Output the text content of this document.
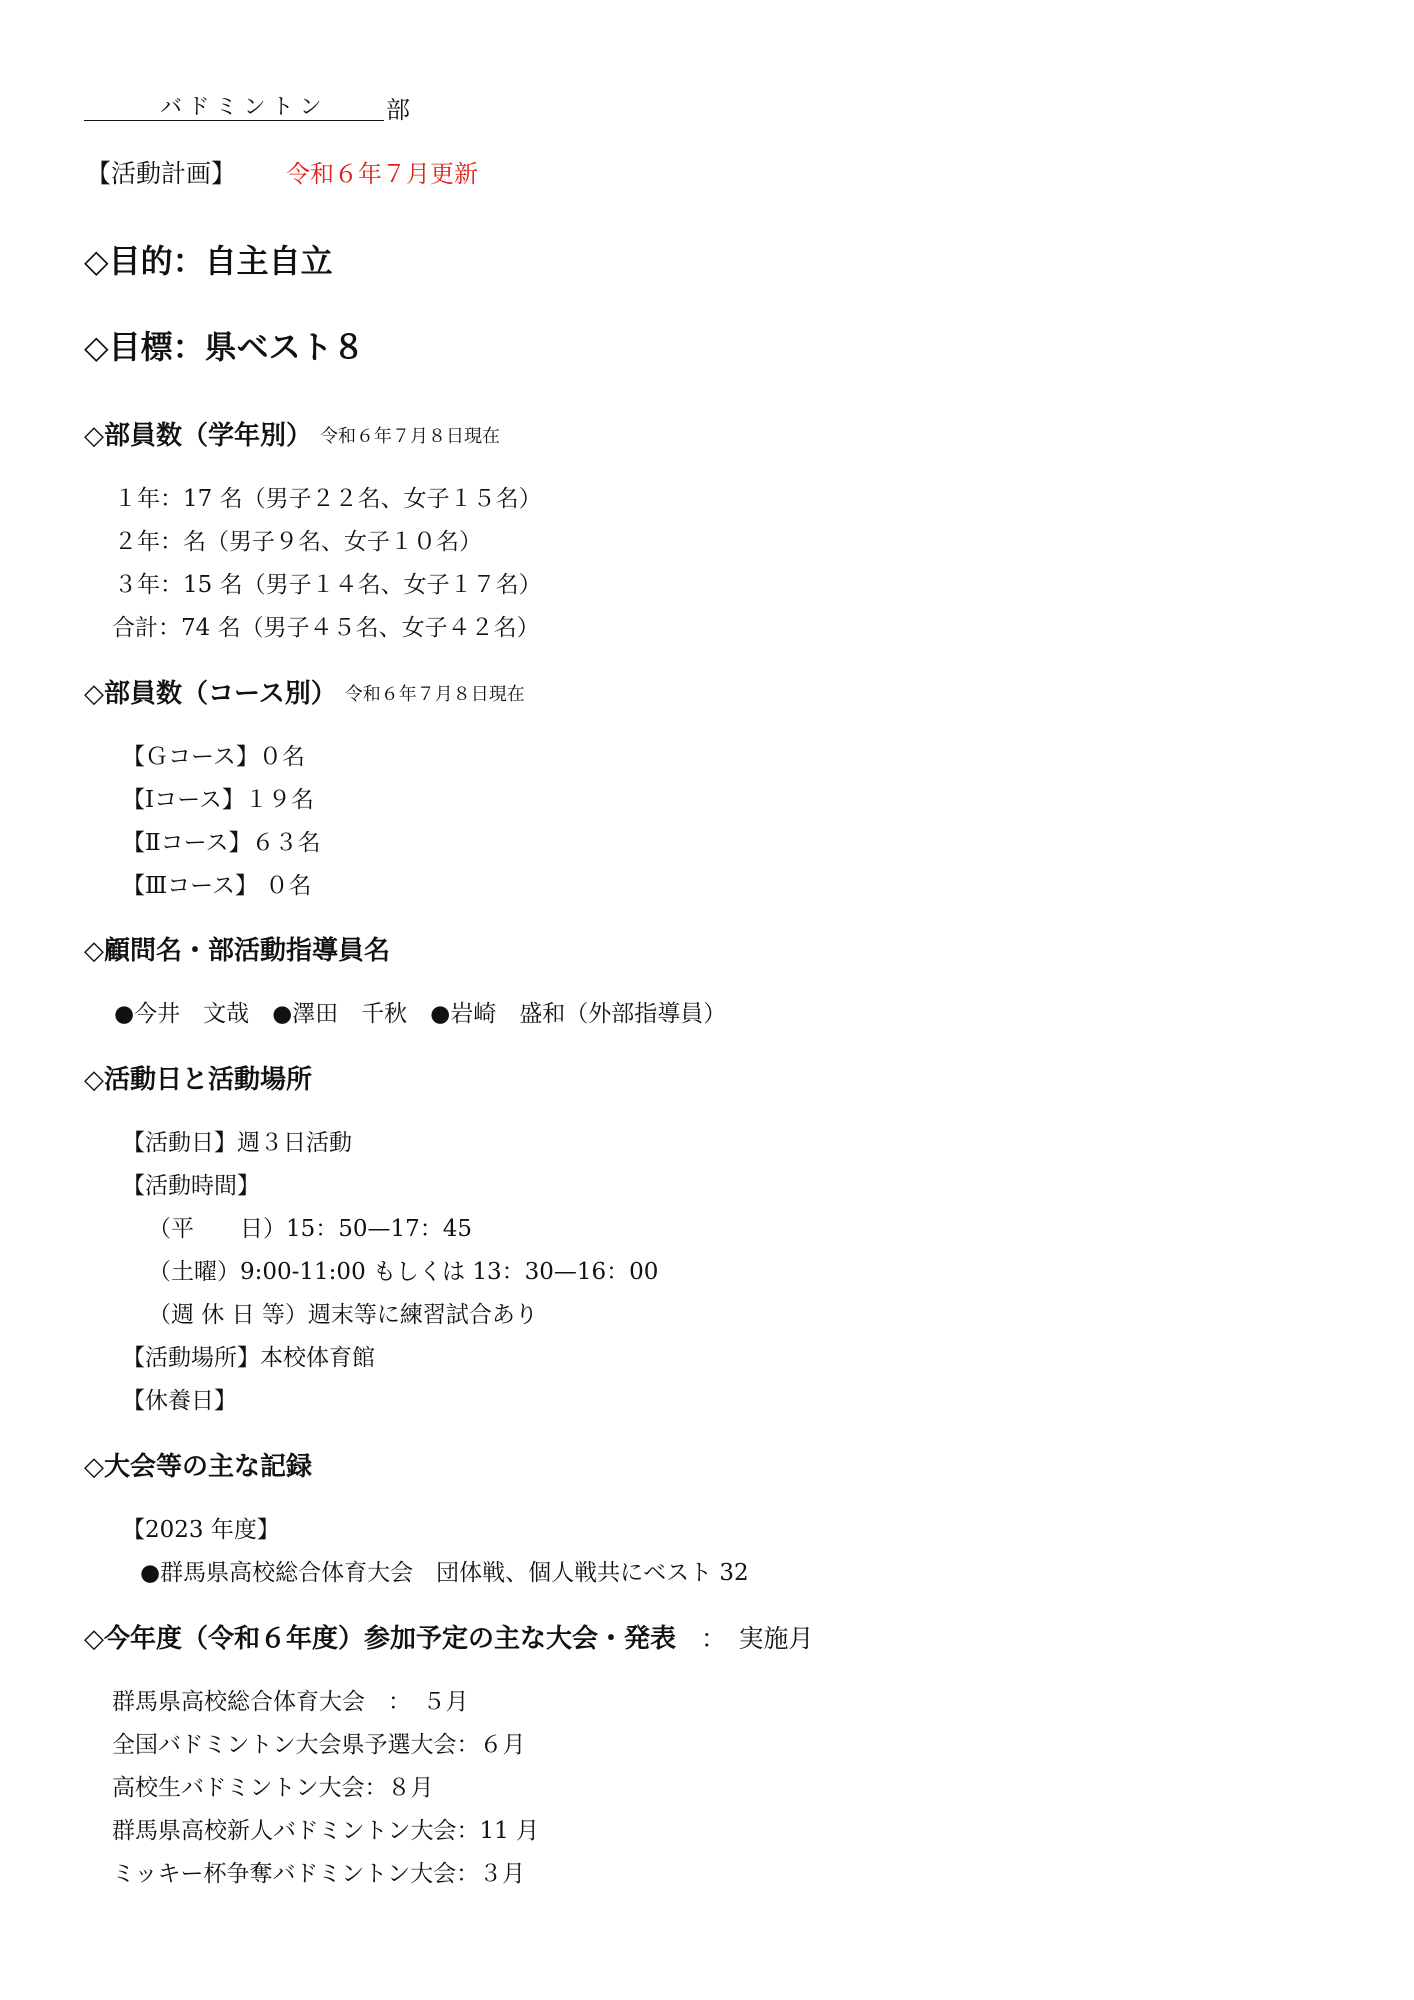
バドミントン 部
【活動計画】 令和６年７月更新
◇目的：自主自立
◇目標：県ベスト８
◇部員数（学年別） 令和６年７月８日現在
１年：17 名（男子２２名、女子１５名）
２年：名（男子９名、女子１０名）
３年：15 名（男子１４名、女子１７名）
合計：74 名（男子４５名、女子４２名）
◇部員数（コース別） 令和６年７月８日現在
【Ｇコース】０名
【Ⅰコース】１９名
【Ⅱコース】６３名
【Ⅲコース】 ０名
◇顧問名・部活動指導員名
●今井　文哉　●澤田　千秋　●岩崎　盛和（外部指導員）
◇活動日と活動場所
【活動日】週３日活動
【活動時間】
（平　　日）15：50—17：45
（土曜）9:00-11:00 もしくは 13：30—16：00
（週 休 日 等）週末等に練習試合あり
【活動場所】本校体育館
【休養日】
◇大会等の主な記録
【2023 年度】
●群馬県高校総合体育大会　団体戦、個人戦共にベスト 32
◇今年度（令和６年度）参加予定の主な大会・発表　：　実施月
群馬県高校総合体育大会　：　５月
全国バドミントン大会県予選大会：６月
高校生バドミントン大会：８月
群馬県高校新人バドミントン大会：11 月
ミッキー杯争奪バドミントン大会：３月
